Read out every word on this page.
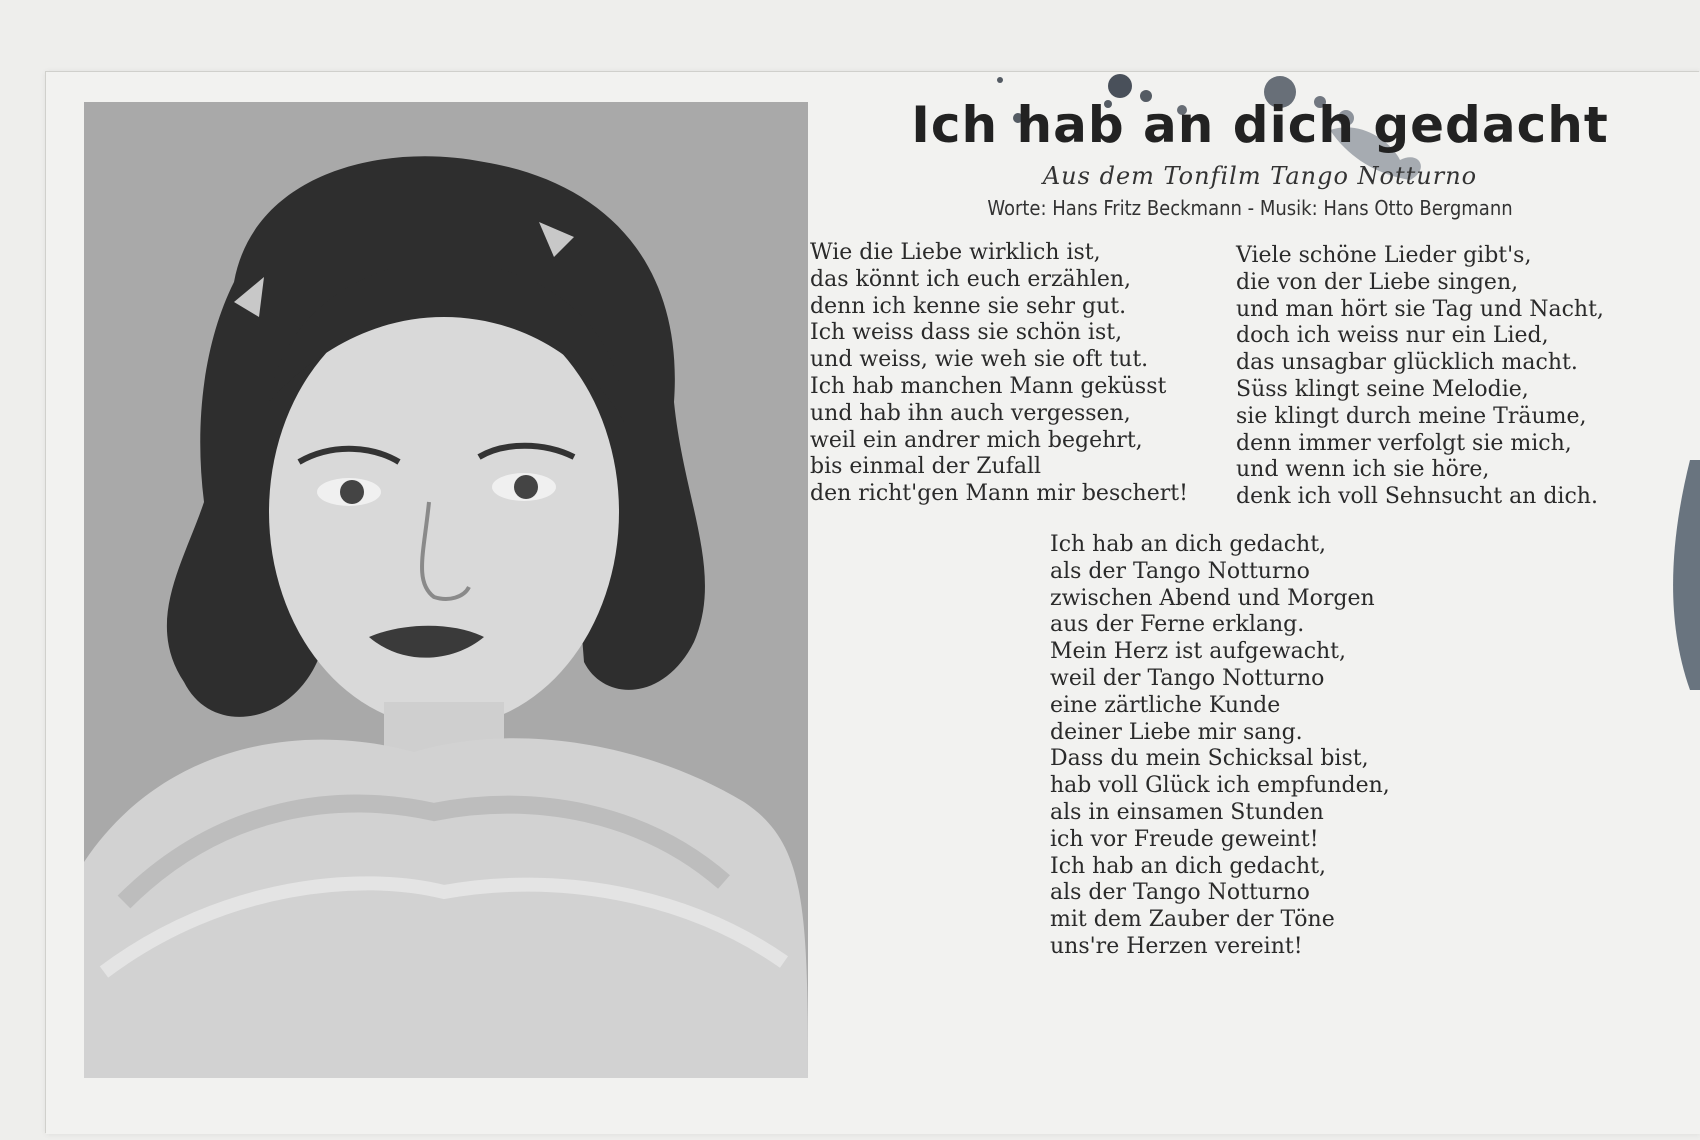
Ich hab an dich gedacht
Aus dem Tonfilm Tango Notturno
Worte: Hans Fritz Beckmann - Musik: Hans Otto Bergmann
Wie die Liebe wirklich ist,
das könnt ich euch erzählen,
denn ich kenne sie sehr gut.
Ich weiss dass sie schön ist,
und weiss, wie weh sie oft tut.
Ich hab manchen Mann geküsst
und hab ihn auch vergessen,
weil ein andrer mich begehrt,
bis einmal der Zufall
den richt'gen Mann mir beschert!
Viele schöne Lieder gibt's,
die von der Liebe singen,
und man hört sie Tag und Nacht,
doch ich weiss nur ein Lied,
das unsagbar glücklich macht.
Süss klingt seine Melodie,
sie klingt durch meine Träume,
denn immer verfolgt sie mich,
und wenn ich sie höre,
denk ich voll Sehnsucht an dich.
Ich hab an dich gedacht,
als der Tango Notturno
zwischen Abend und Morgen
aus der Ferne erklang.
Mein Herz ist aufgewacht,
weil der Tango Notturno
eine zärtliche Kunde
deiner Liebe mir sang.
Dass du mein Schicksal bist,
hab voll Glück ich empfunden,
als in einsamen Stunden
ich vor Freude geweint!
Ich hab an dich gedacht,
als der Tango Notturno
mit dem Zauber der Töne
uns're Herzen vereint!
